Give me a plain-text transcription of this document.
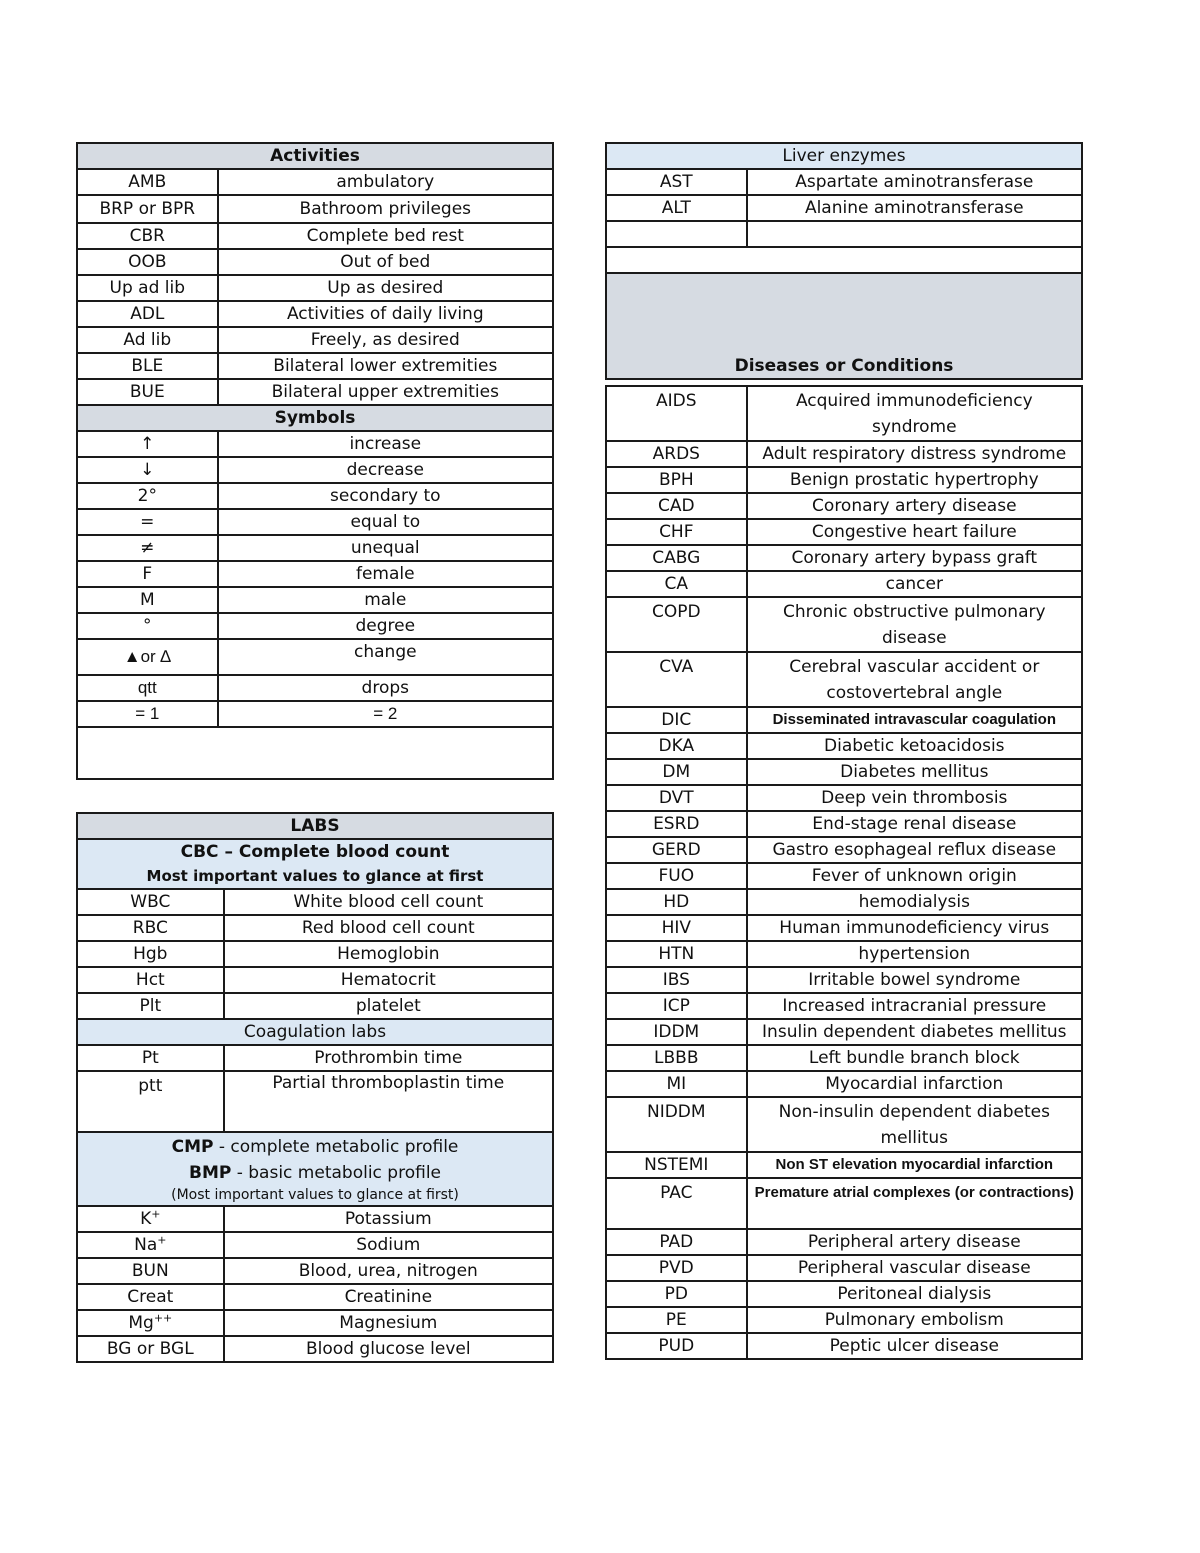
Activities	
AMB	ambulatory
BRP or BPR	Bathroom privileges
CBR	Complete bed rest
OOB	Out of bed
Up ad lib	Up as desired
ADL	Activities of daily living
Ad lib	Freely, as desired
BLE	Bilateral lower extremities
BUE	Bilateral upper extremities
Symbols	
↑	increase
↓	decrease
2°	secondary to
=	equal to
≠	unequal
F	female
M	male
°	degree
▲or ∆	change
qtt	drops
= 1	= 2

LABS	

CBC – Complete blood count
Most important values to glance at first	

WBC	White blood cell count
RBC	Red blood cell count
Hgb	Hemoglobin
Hct	Hematocrit
Plt	platelet
Coagulation labs	
Pt	Prothrombin time
ptt	Partial thromboplastin time

CMP - complete metabolic profile
BMP - basic metabolic profile
(Most important values to glance at first)	

K+	Potassium
Na+	Sodium
BUN	Blood, urea, nitrogen
Creat	Creatinine
Mg++	Magnesium
BG or BGL	Blood glucose level
Liver enzymes	
AST	Aspartate aminotransferase
ALT	Alanine aminotransferase

Diseases or Conditions	
AIDS	Acquired immunodeficiency syndrome
ARDS	Adult respiratory distress syndrome
BPH	Benign prostatic hypertrophy
CAD	Coronary artery disease
CHF	Congestive heart failure
CABG	Coronary artery bypass graft
CA	cancer
COPD	Chronic obstructive pulmonary disease
CVA	Cerebral vascular accident or costovertebral angle
DIC	Disseminated intravascular coagulation
DKA	Diabetic ketoacidosis
DM	Diabetes mellitus
DVT	Deep vein thrombosis
ESRD	End-stage renal disease
GERD	Gastro esophageal reflux disease
FUO	Fever of unknown origin
HD	hemodialysis
HIV	Human immunodeficiency virus
HTN	hypertension
IBS	Irritable bowel syndrome
ICP	Increased intracranial pressure
IDDM	Insulin dependent diabetes mellitus
LBBB	Left bundle branch block
MI	Myocardial infarction
NIDDM	Non-insulin dependent diabetes mellitus
NSTEMI	Non ST elevation myocardial infarction
PAC	Premature atrial complexes (or contractions)
PAD	Peripheral artery disease
PVD	Peripheral vascular disease
PD	Peritoneal dialysis
PE	Pulmonary embolism
PUD	Peptic ulcer disease
